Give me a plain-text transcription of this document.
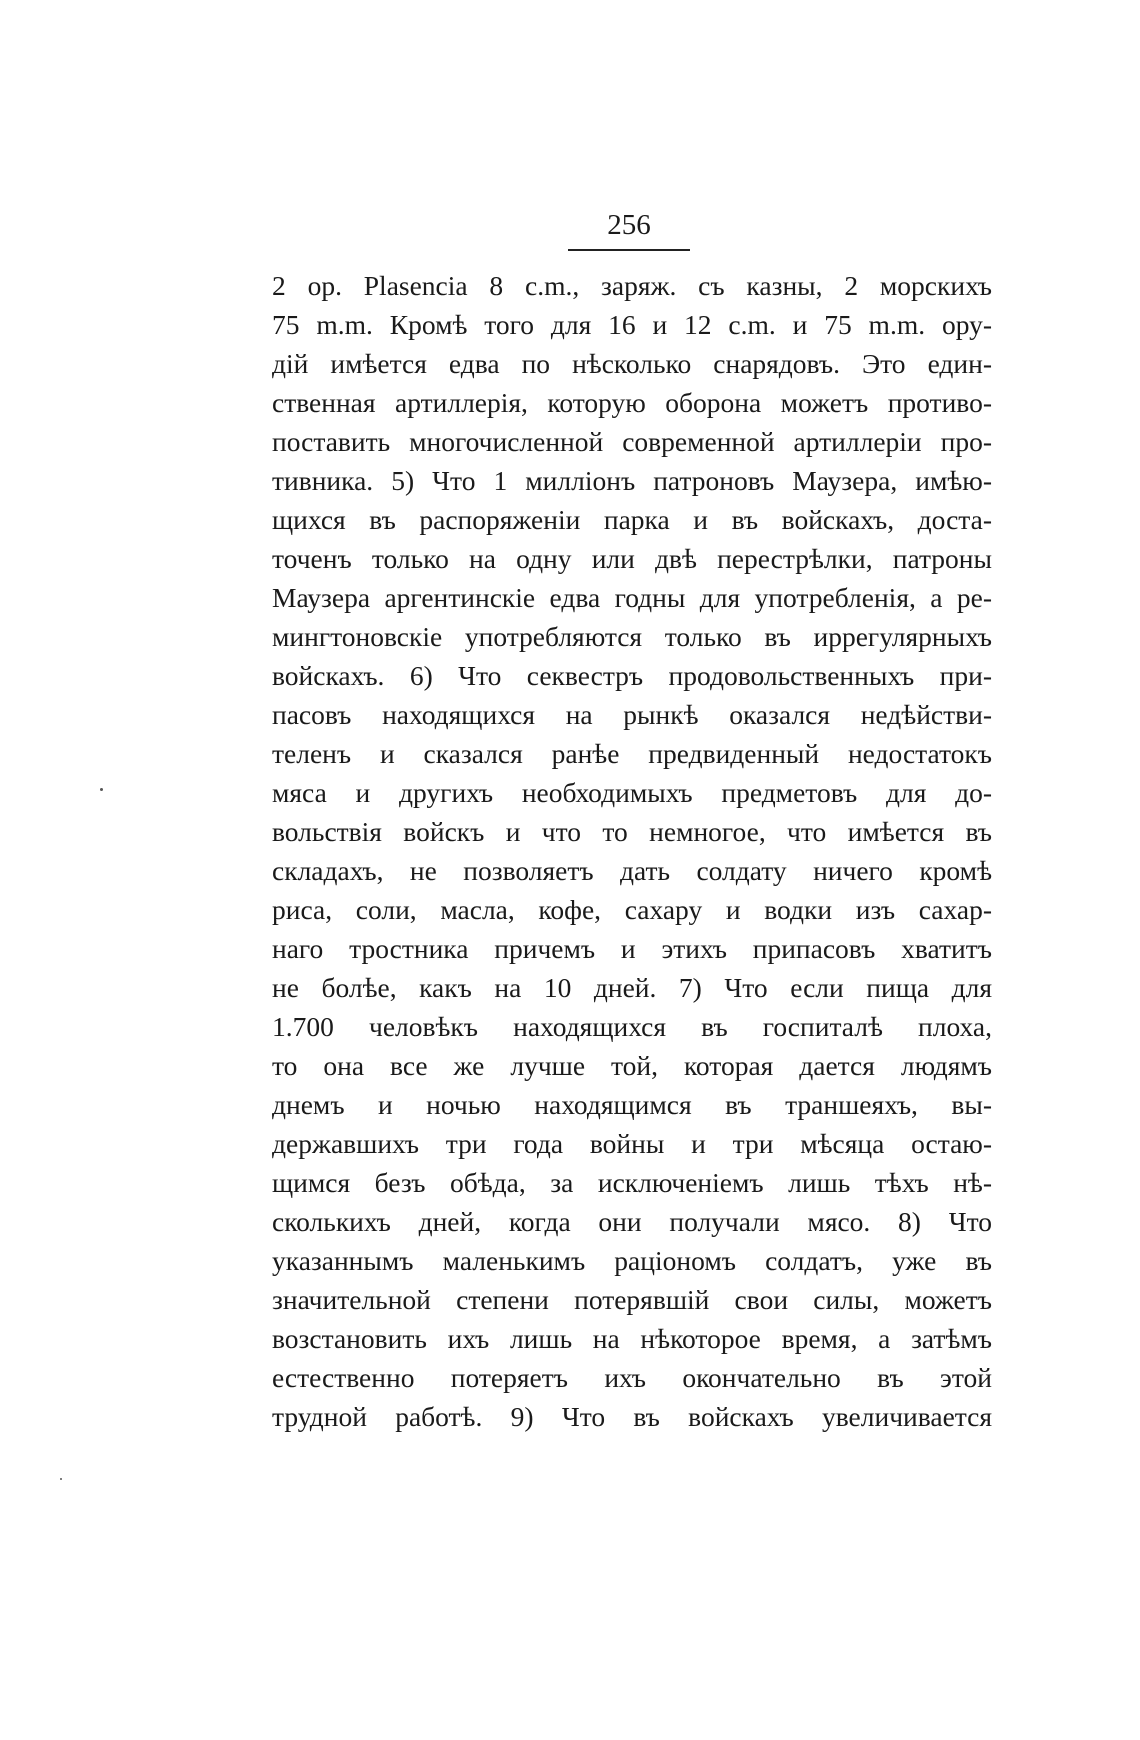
256
2 op. Plasencia 8 c.m., заряж. съ казны, 2 морскихъ
75 m.m. Кромѣ того для 16 и 12 c.m. и 75 m.m. ору-
дій имѣется едва по нѣсколько снарядовъ. Это един-
ственная артиллерія, которую оборона можетъ противо-
поставить многочисленной современной артиллеріи про-
тивника. 5) Что 1 милліонъ патроновъ Маузера, имѣю-
щихся въ распоряженіи парка и въ войскахъ, доста-
точенъ только на одну или двѣ перестрѣлки, патроны
Маузера аргентинскіе едва годны для употребленія, а ре-
мингтоновскіе употребляются только въ иррегулярныхъ
войскахъ. 6) Что секвестръ продовольственныхъ при-
пасовъ находящихся на рынкѣ оказался недѣйстви-
теленъ и сказался ранѣе предвиденный недостатокъ
мяса и другихъ необходимыхъ предметовъ для до-
вольствія войскъ и что то немногое, что имѣется въ
складахъ, не позволяетъ дать солдату ничего кромѣ
риса, соли, масла, кофе, сахару и водки изъ сахар-
наго тростника причемъ и этихъ припасовъ хватитъ
не болѣе, какъ на 10 дней. 7) Что если пища для
1.700 человѣкъ находящихся въ госпиталѣ плоха,
то она все же лучше той, которая дается людямъ
днемъ и ночью находящимся въ траншеяхъ, вы-
державшихъ три года войны и три мѣсяца остаю-
щимся безъ обѣда, за исключеніемъ лишь тѣхъ нѣ-
сколькихъ дней, когда они получали мясо. 8) Что
указаннымъ маленькимъ раціономъ солдатъ, уже въ
значительной степени потерявшій свои силы, можетъ
возстановить ихъ лишь на нѣкоторое время, а затѣмъ
естественно потеряетъ ихъ окончательно въ этой
трудной работѣ. 9) Что въ войскахъ увеличивается
